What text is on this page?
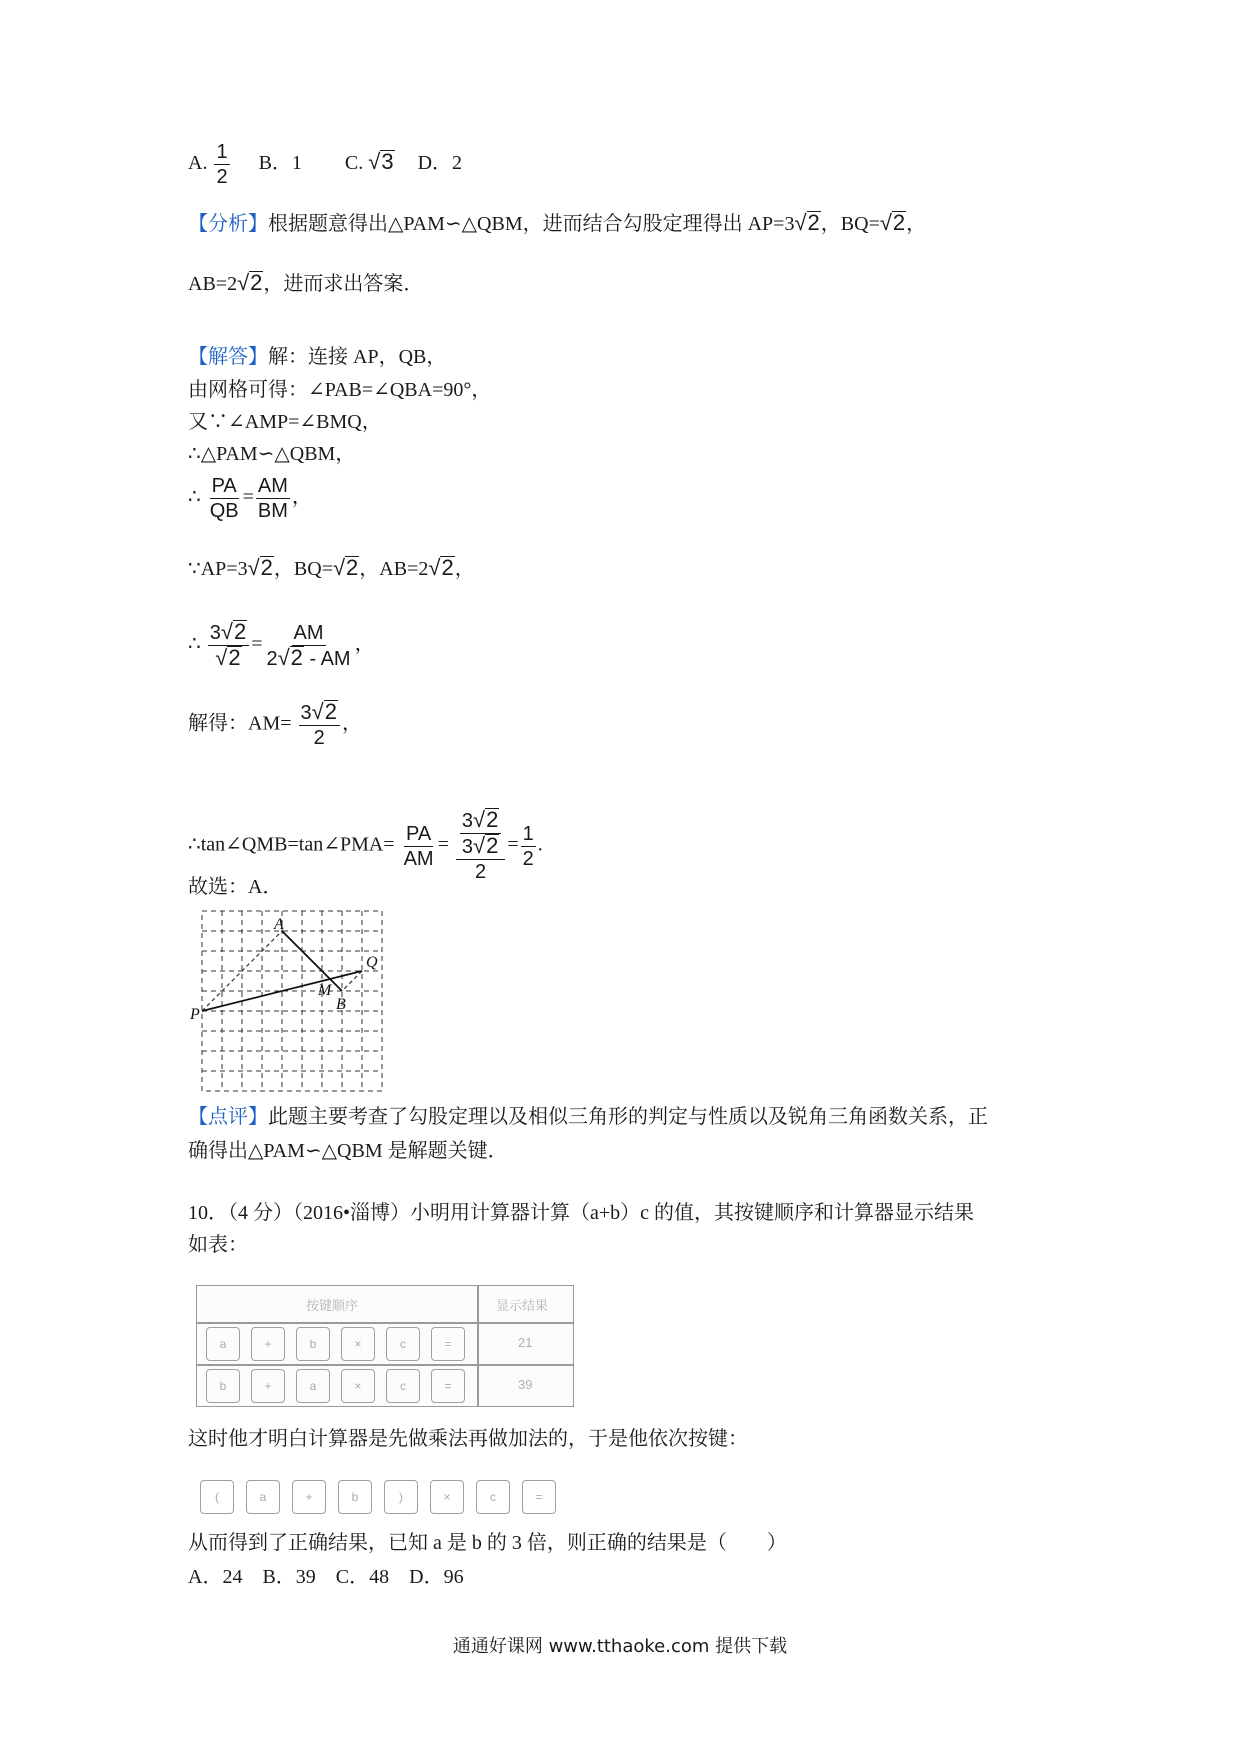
A. $\frac{1}{2}$ B．1 C. √3 D．2
【分析】根据题意得出△PAM∽△QBM，进而结合勾股定理得出 AP=3√2，BQ=√2，
AB=2√2，进而求出答案．
【解答】解：连接 AP，QB，
由网格可得：∠PAB=∠QBA=90°，
又∵∠AMP=∠BMQ，
∴△PAM∽△QBM，
∴ $\frac{PA}{QB} = \frac{AM}{BM}$ ，
∵AP=3√2，BQ=√2，AB=2√2，
∴ $\frac{3√2}{√2} = \frac{AM}{2√2 - AM}$ ，
解得：$AM= \frac{3√2}{2}$ ，
∴tan∠QMB=tan∠PMA= $\frac{PA}{AM} = \frac{\frac{3√2}{3√2}}{2} = \frac{1}{2}$ .
故选：A．
A
Q
M
B
P
【点评】此题主要考查了勾股定理以及相似三角形的判定与性质以及锐角三角函数关系，正
确得出△PAM∽△QBM 是解题关键．
10．（4 分）（2016•淄博）小明用计算器计算（a+b）c 的值，其按键顺序和计算器显示结果
如表：
按键顺序	显示结果
a	+	b	×	c	=	21
b	+	a	×	c	=	39
这时他才明白计算器是先做乘法再做加法的，于是他依次按键：
(	a	+	b	)	×	c	=
从而得到了正确结果，已知 a 是 b 的 3 倍，则正确的结果是（　　）
A．24　B．39　C．48　D．96
通通好课网 www.tthaoke.com 提供下载
